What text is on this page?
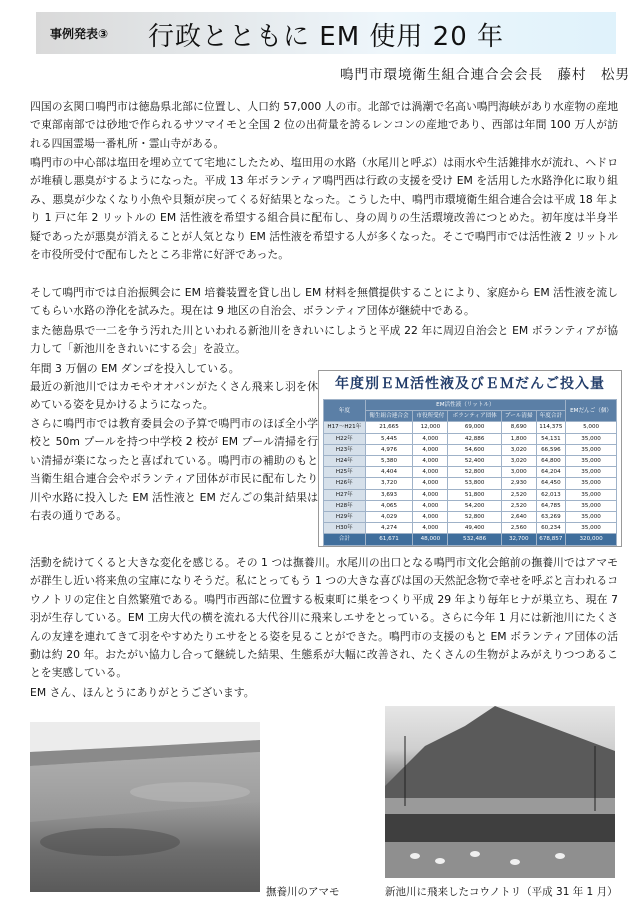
事例発表③ 行政とともに EM 使用 20 年
鳴門市環境衛生組合連合会会長　藤村　松男

四国の玄関口鳴門市は徳島県北部に位置し、人口約 57,000 人の市。北部では渦潮で名高い鳴門海峡があり水産物の産地で東部南部では砂地で作られるサツマイモと全国 2 位の出荷量を誇るレンコンの産地であり、西部は年間 100 万人が訪れる四国霊場一番札所・霊山寺がある。

鳴門市の中心部は塩田を埋め立てて宅地にしたため、塩田用の水路（水尾川と呼ぶ）は雨水や生活雑排水が流れ、ヘドロが堆積し悪臭がするようになった。平成 13 年ボランティア鳴門西は行政の支援を受け EM を活用した水路浄化に取り組み、悪臭が少なくなり小魚や貝類が戻ってくる好結果となった。こうした中、鳴門市環境衛生組合連合会は平成 18 年より 1 戸に年 2 リットルの EM 活性液を希望する組合員に配布し、身の周りの生活環境改善につとめた。初年度は半身半疑であったが悪臭が消えることが人気となり EM 活性液を希望する人が多くなった。そこで鳴門市では活性液 2 リットルを市役所受付で配布したところ非常に好評であった。

そして鳴門市では自治振興会に EM 培養装置を貸し出し EM 材料を無償提供することにより、家庭から EM 活性液を流してもらい水路の浄化を試みた。現在は 9 地区の自治会、ボランティア団体が継続中である。

また徳島県で一二を争う汚れた川といわれる新池川をきれいにしようと平成 22 年に周辺自治会と EM ボランティアが協力して「新池川をきれいにする会」を設立。

年間 3 万個の EM ダンゴを投入している。

最近の新池川ではカモやオオバンがたくさん飛来し羽を休めている姿を見かけるようになった。

さらに鳴門市では教育委員会の予算で鳴門市のほぼ全小学校と 50m プールを持つ中学校 2 校が EM プール清掃を行い清掃が楽になったと喜ばれている。鳴門市の補助のもと当衛生組合連合会やボランティア団体が市民に配布したり川や水路に投入した EM 活性液と EM だんごの集計結果は右表の通りである。

活動を続けてくると大きな変化を感じる。その 1 つは撫養川。水尾川の出口となる鳴門市文化会館前の撫養川ではアマモが群生し近い将来魚の宝庫になりそうだ。私にとってもう 1 つの大きな喜びは国の天然記念物で幸せを呼ぶと言われるコウノトリの定住と自然繁殖である。鳴門市西部に位置する板東町に巣をつくり平成 29 年より毎年ヒナが巣立ち、現在 7 羽が生存している。EM 工房大代の横を流れる大代谷川に飛来しエサをとっている。さらに今年 1 月には新池川にたくさんの友達を連れてきて羽をやすめたりエサをとる姿を見ることができた。鳴門市の支援のもと EM ボランティア団体の活動は約 20 年。おたがい協力し合って継続した結果、生態系が大幅に改善され、たくさんの生物がよみがえりつつあることを実感している。

EM さん、ほんとうにありがとうございます。

年度別ＥＭ活性液及びＥＭだんご投入量
年度	EM活性液（リットル）					EMだんご（個）
	衛生組合連合会	市役所受付	ボランティア団体	プール清掃	年度合計	
H17～H21年	21,665	12,000	69,000	8,690	114,375	5,000
H22年	5,445	4,000	42,886	1,800	54,131	35,000
H23年	4,976	4,000	54,600	3,020	66,596	35,000
H24年	5,380	4,000	52,400	3,020	64,800	35,000
H25年	4,404	4,000	52,800	3,000	64,204	35,000
H26年	3,720	4,000	53,800	2,930	64,450	35,000
H27年	3,693	4,000	51,800	2,520	62,013	35,000
H28年	4,065	4,000	54,200	2,520	64,785	35,000
H29年	4,029	4,000	52,800	2,640	63,269	35,000
H30年	4,274	4,000	49,400	2,560	60,234	35,000
合計	61,671	48,000	532,486	32,700	678,857	320,000
撫養川のアマモ	新池川に飛来したコウノトリ（平成 31 年 1 月）
